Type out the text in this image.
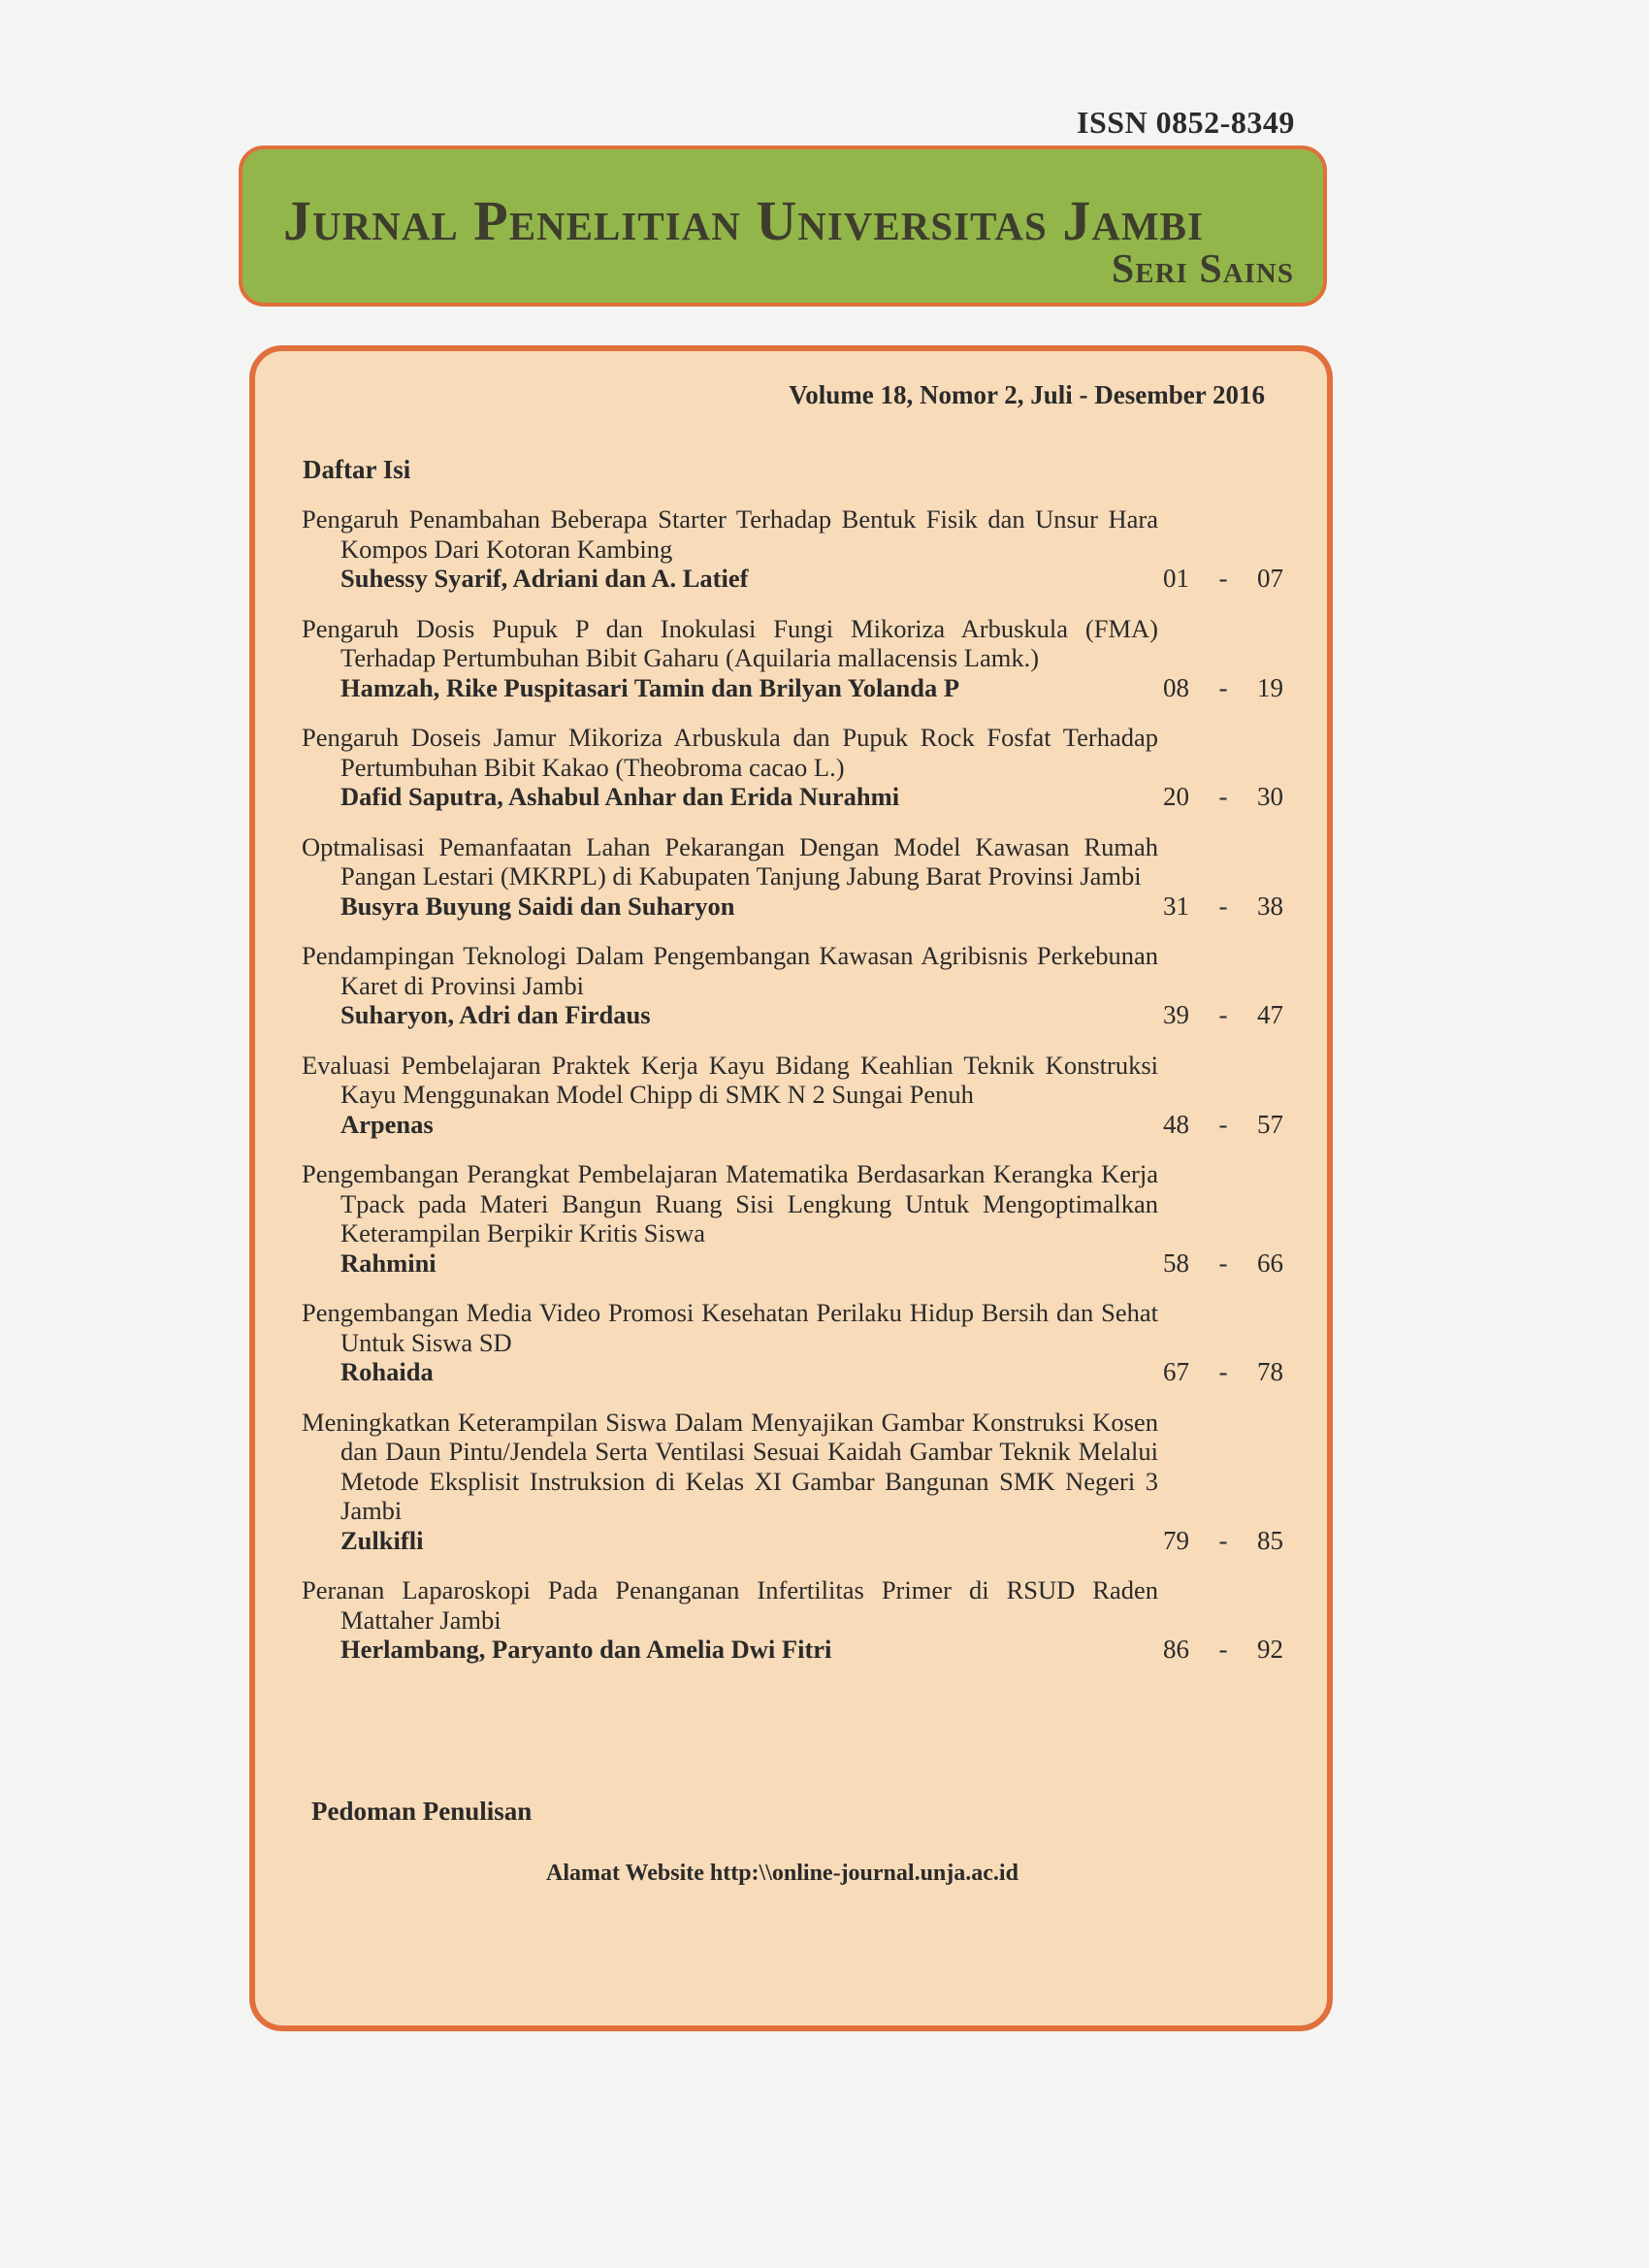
ISSN 0852-8349
Jurnal Penelitian Universitas Jambi
Seri Sains
Volume 18, Nomor 2, Juli - Desember 2016
Daftar Isi
Pengaruh Penambahan Beberapa Starter Terhadap Bentuk Fisik dan Unsur Hara Kompos Dari Kotoran Kambing
Suhessy Syarif, Adriani dan A. Latief	01 - 07
Pengaruh Dosis Pupuk P dan Inokulasi Fungi Mikoriza Arbuskula (FMA) Terhadap Pertumbuhan Bibit Gaharu (Aquilaria mallacensis Lamk.)
Hamzah, Rike Puspitasari Tamin dan Brilyan Yolanda P	08 - 19
Pengaruh Doseis Jamur Mikoriza Arbuskula dan Pupuk Rock Fosfat Terhadap Pertumbuhan Bibit Kakao (Theobroma cacao L.)
Dafid Saputra, Ashabul Anhar dan Erida Nurahmi	20 - 30
Optmalisasi Pemanfaatan Lahan Pekarangan Dengan Model Kawasan Rumah Pangan Lestari (MKRPL) di Kabupaten Tanjung Jabung Barat Provinsi Jambi
Busyra Buyung Saidi dan Suharyon	31 - 38
Pendampingan Teknologi Dalam Pengembangan Kawasan Agribisnis Perkebunan Karet di Provinsi Jambi
Suharyon, Adri dan Firdaus	39 - 47
Evaluasi Pembelajaran Praktek Kerja Kayu Bidang Keahlian Teknik Konstruksi Kayu Menggunakan Model Chipp di SMK N 2 Sungai Penuh
Arpenas	48 - 57
Pengembangan Perangkat Pembelajaran Matematika Berdasarkan Kerangka Kerja Tpack pada Materi Bangun Ruang Sisi Lengkung Untuk Mengoptimalkan Keterampilan Berpikir Kritis Siswa
Rahmini	58 - 66
Pengembangan Media Video Promosi Kesehatan Perilaku Hidup Bersih dan Sehat Untuk Siswa SD
Rohaida	67 - 78
Meningkatkan Keterampilan Siswa Dalam Menyajikan Gambar Konstruksi Kosen dan Daun Pintu/Jendela Serta Ventilasi Sesuai Kaidah Gambar Teknik Melalui Metode Eksplisit Instruksion di Kelas XI Gambar Bangunan SMK Negeri 3 Jambi
Zulkifli	79 - 85
Peranan Laparoskopi Pada Penanganan Infertilitas Primer di RSUD Raden Mattaher Jambi
Herlambang, Paryanto dan Amelia Dwi Fitri	86 - 92
Pedoman Penulisan
Alamat Website http:\\online-journal.unja.ac.id
